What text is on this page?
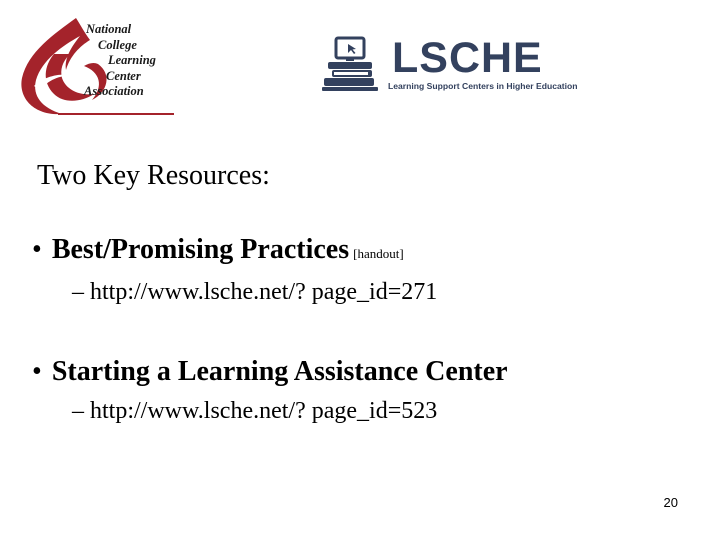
National
College
Learning
Center
Association
LSCHE
Learning Support Centers in Higher Education
Two Key Resources:
• Best/Promising Practices [handout]
– http://www.lsche.net/? page_id=271
• Starting a Learning Assistance Center
– http://www.lsche.net/? page_id=523
20
